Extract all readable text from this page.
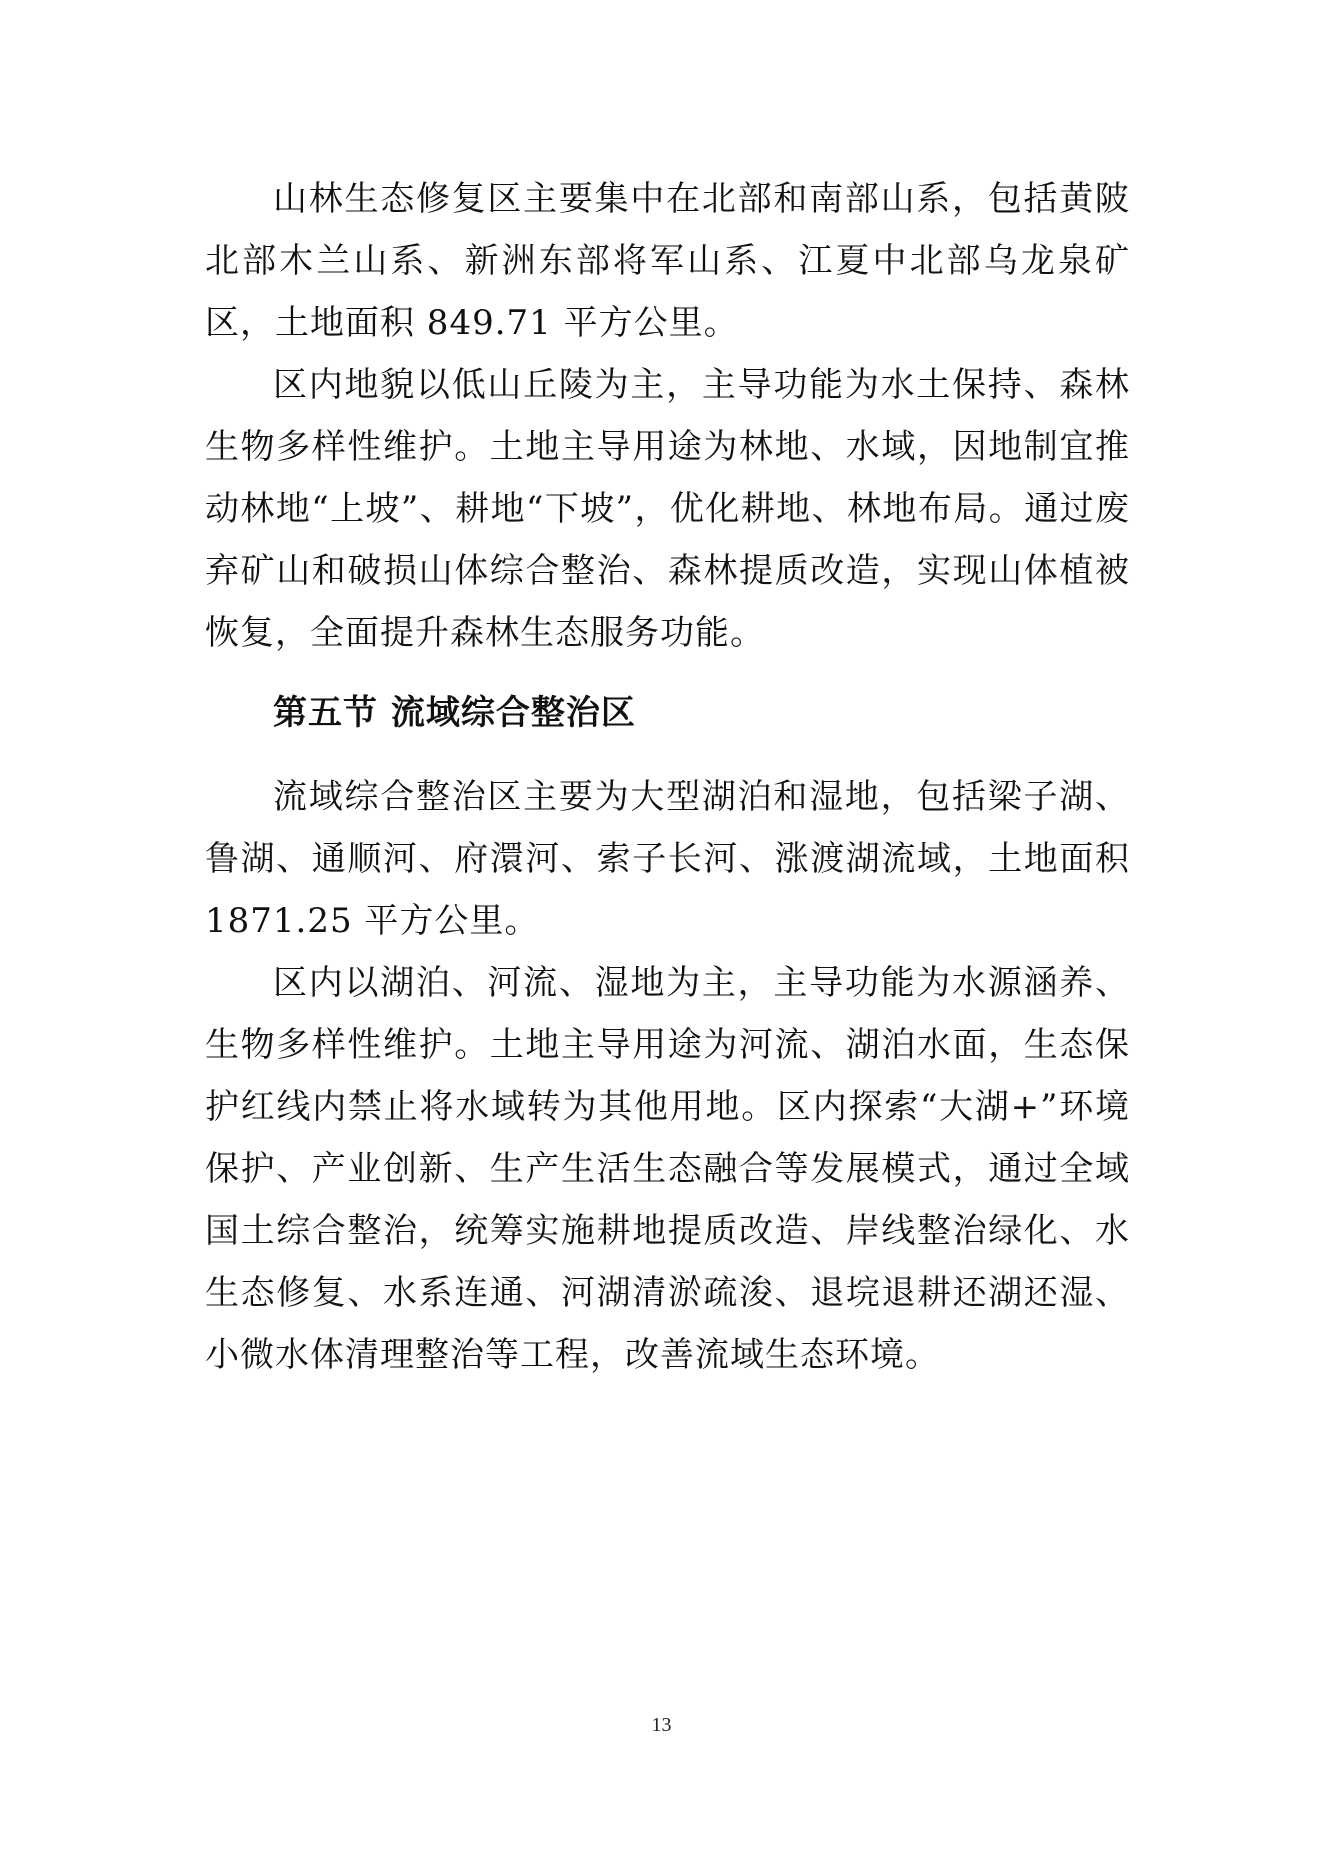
山林生态修复区主要集中在北部和南部山系，包括黄陂北部木兰山系、新洲东部将军山系、江夏中北部乌龙泉矿区，土地面积 849.71 平方公里。

区内地貌以低山丘陵为主，主导功能为水土保持、森林生物多样性维护。土地主导用途为林地、水域，因地制宜推动林地“上坡”、耕地“下坡”，优化耕地、林地布局。通过废弃矿山和破损山体综合整治、森林提质改造，实现山体植被恢复，全面提升森林生态服务功能。

第五节 流域综合整治区

流域综合整治区主要为大型湖泊和湿地，包括梁子湖、鲁湖、通顺河、府澴河、索子长河、涨渡湖流域，土地面积 1871.25 平方公里。

区内以湖泊、河流、湿地为主，主导功能为水源涵养、生物多样性维护。土地主导用途为河流、湖泊水面，生态保护红线内禁止将水域转为其他用地。区内探索“大湖+”环境保护、产业创新、生产生活生态融合等发展模式，通过全域国土综合整治，统筹实施耕地提质改造、岸线整治绿化、水生态修复、水系连通、河湖清淤疏浚、退垸退耕还湖还湿、小微水体清理整治等工程，改善流域生态环境。

13
